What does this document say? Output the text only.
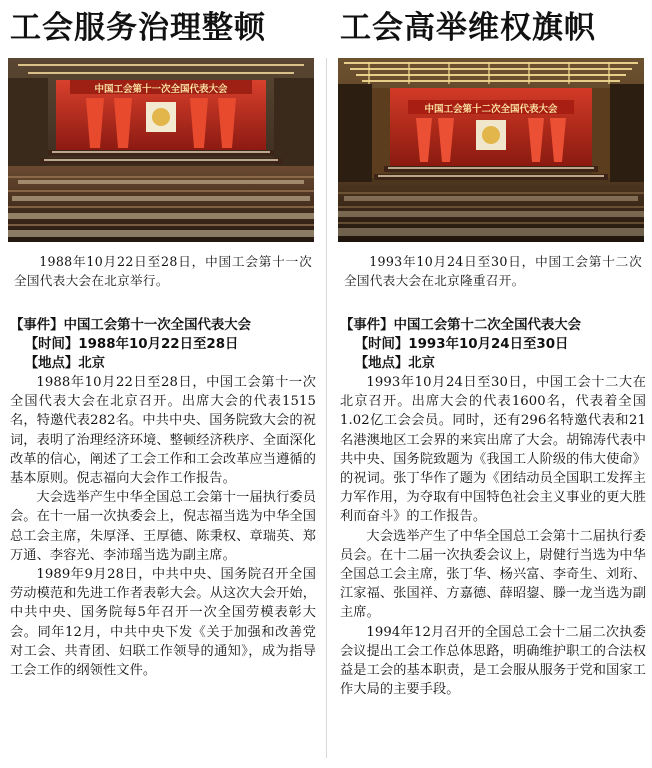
工会服务治理整顿
中国工会第十一次全国代表大会
1988年10月22日至28日，中国工会第十一次全国代表大会在北京举行。
【事件】中国工会第十一次全国代表大会
【时间】1988年10月22日至28日
【地点】北京

1988年10月22日至28日，中国工会第十一次全国代表大会在北京召开。出席大会的代表1515名，特邀代表282名。中共中央、国务院致大会的祝词，表明了治理经济环境、整顿经济秩序、全面深化改革的信心，阐述了工会工作和工会改革应当遵循的基本原则。倪志福向大会作工作报告。

大会选举产生中华全国总工会第十一届执行委员会。在十一届一次执委会上，倪志福当选为中华全国总工会主席，朱厚泽、王厚德、陈秉权、章瑞英、郑万通、李容光、李沛瑶当选为副主席。

1989年9月28日，中共中央、国务院召开全国劳动模范和先进工作者表彰大会。从这次大会开始，中共中央、国务院每5年召开一次全国劳模表彰大会。同年12月，中共中央下发《关于加强和改善党对工会、共青团、妇联工作领导的通知》，成为指导工会工作的纲领性文件。

工会高举维权旗帜
中国工会第十二次全国代表大会
1993年10月24日至30日，中国工会第十二次全国代表大会在北京隆重召开。
【事件】中国工会第十二次全国代表大会
【时间】1993年10月24日至30日
【地点】北京

1993年10月24日至30日，中国工会十二大在北京召开。出席大会的代表1600名，代表着全国1.02亿工会会员。同时，还有296名特邀代表和21名港澳地区工会界的来宾出席了大会。胡锦涛代表中共中央、国务院致题为《我国工人阶级的伟大使命》的祝词。张丁华作了题为《团结动员全国职工发挥主力军作用，为夺取有中国特色社会主义事业的更大胜利而奋斗》的工作报告。

大会选举产生了中华全国总工会第十二届执行委员会。在十二届一次执委会议上，尉健行当选为中华全国总工会主席，张丁华、杨兴富、李奇生、刘珩、江家福、张国祥、方嘉德、薛昭鋆、滕一龙当选为副主席。

1994年12月召开的全国总工会十二届二次执委会议提出工会工作总体思路，明确维护职工的合法权益是工会的基本职责，是工会服从服务于党和国家工作大局的主要手段。
